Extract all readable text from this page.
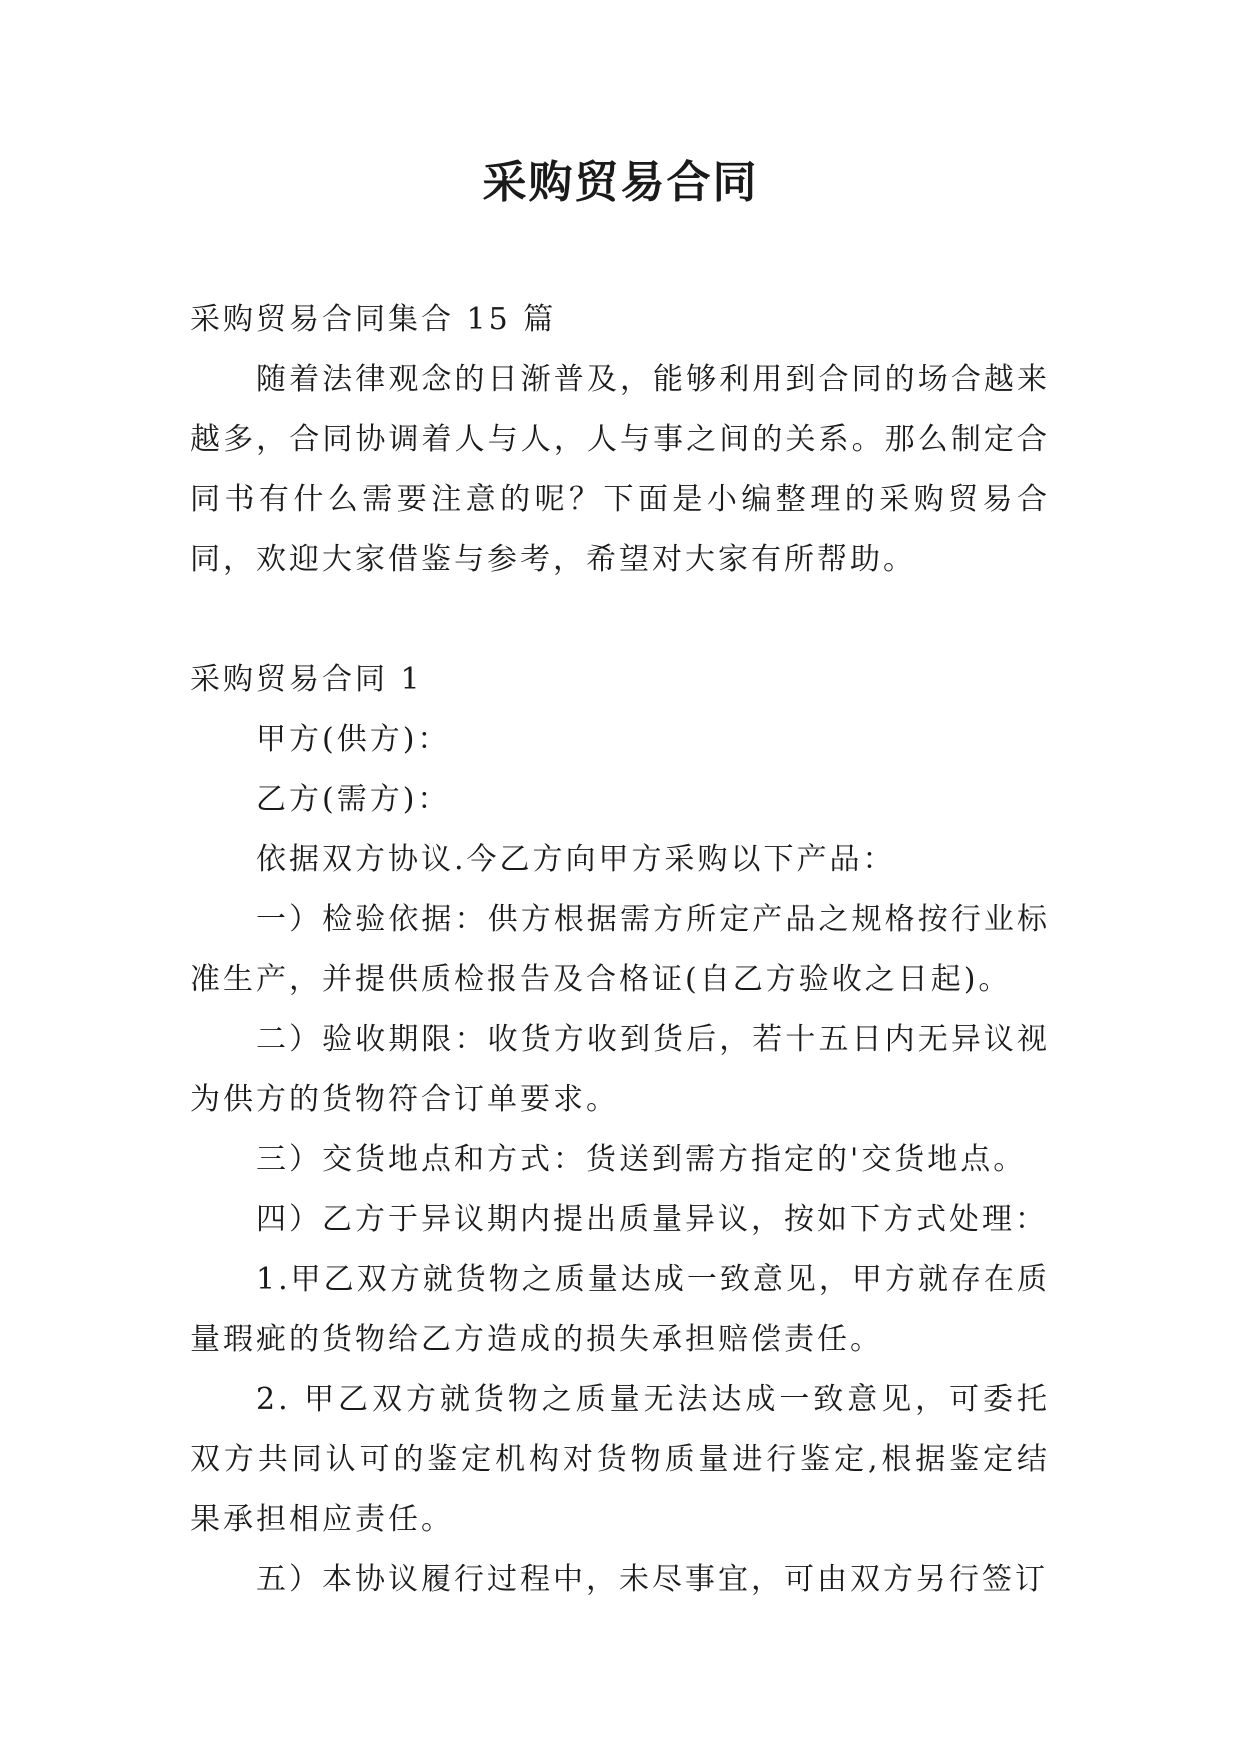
采购贸易合同

采购贸易合同集合 15 篇

随着法律观念的日渐普及，能够利用到合同的场合越来越多，合同协调着人与人，人与事之间的关系。那么制定合同书有什么需要注意的呢？下面是小编整理的采购贸易合同，欢迎大家借鉴与参考，希望对大家有所帮助。

采购贸易合同 1

甲方(供方)：

乙方(需方)：

依据双方协议.今乙方向甲方采购以下产品：

一）检验依据：供方根据需方所定产品之规格按行业标准生产，并提供质检报告及合格证(自乙方验收之日起)。

二）验收期限：收货方收到货后，若十五日内无异议视为供方的货物符合订单要求。

三）交货地点和方式：货送到需方指定的'交货地点。

四）乙方于异议期内提出质量异议，按如下方式处理：

1.甲乙双方就货物之质量达成一致意见，甲方就存在质量瑕疵的货物给乙方造成的损失承担赔偿责任。

2. 甲乙双方就货物之质量无法达成一致意见，可委托双方共同认可的鉴定机构对货物质量进行鉴定,根据鉴定结果承担相应责任。

五）本协议履行过程中，未尽事宜，可由双方另行签订
